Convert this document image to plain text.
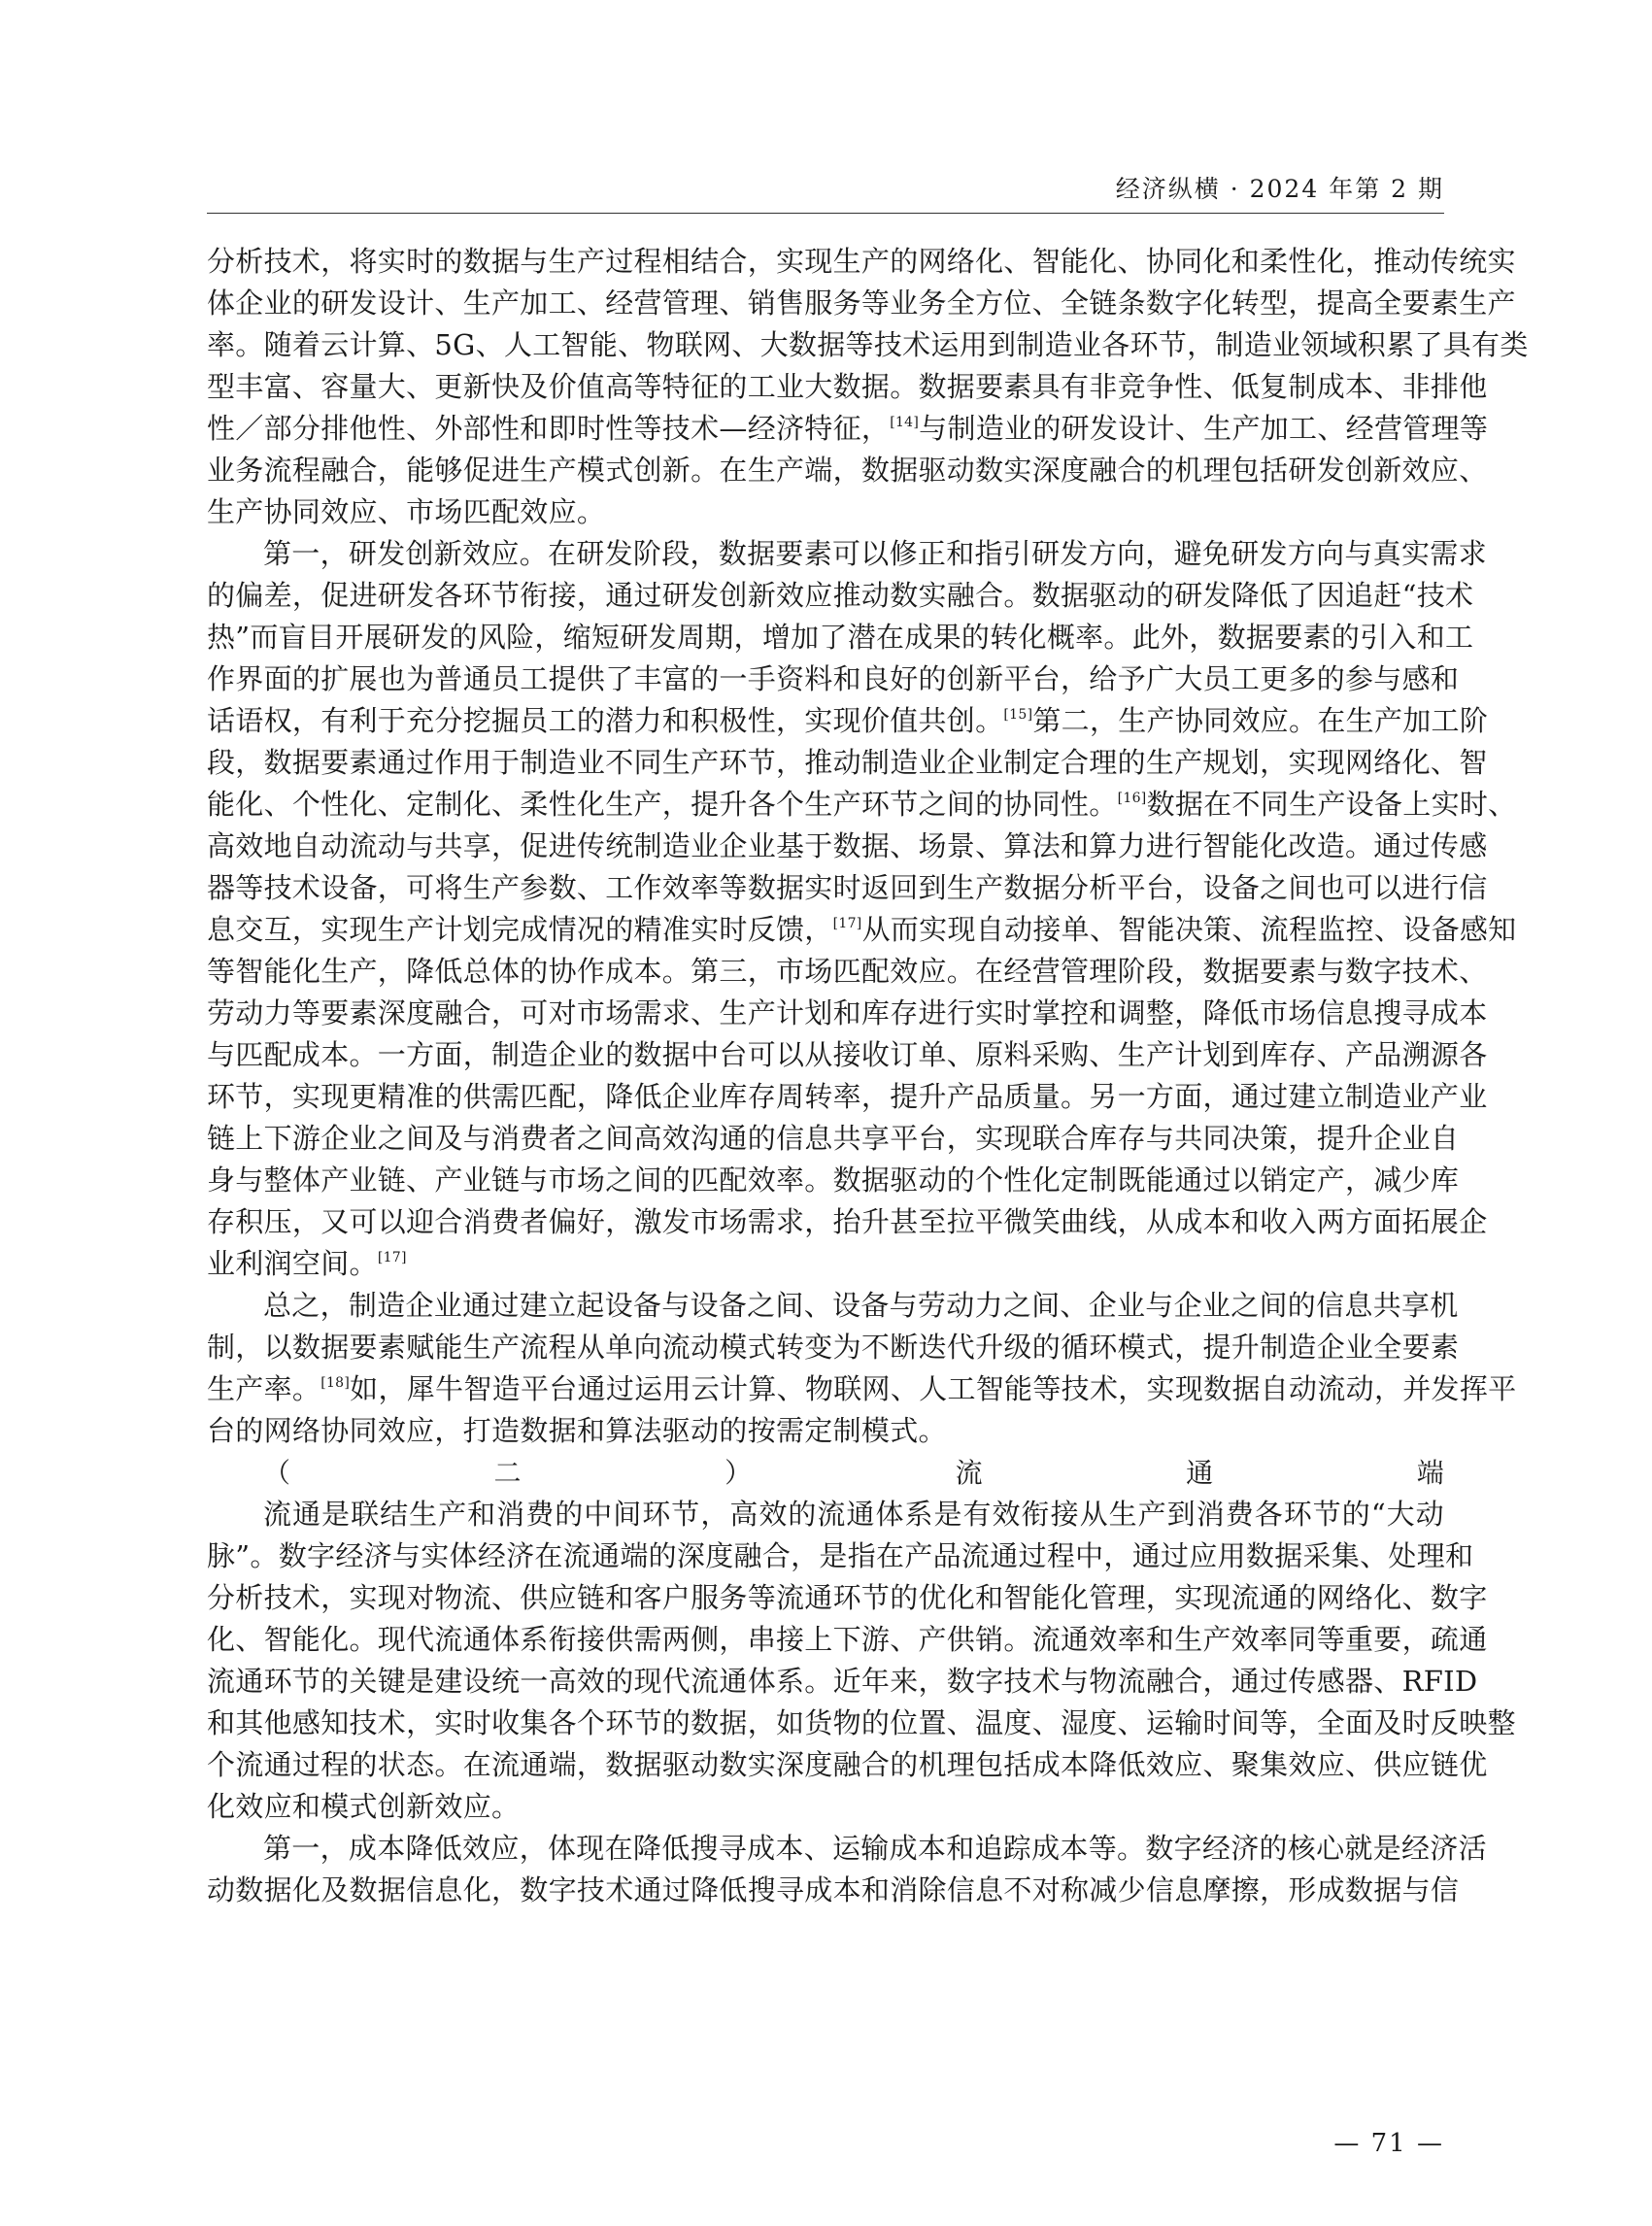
经济纵横 · 2024 年第 2 期
分析技术，将实时的数据与生产过程相结合，实现生产的网络化、智能化、协同化和柔性化，推动传统实
体企业的研发设计、生产加工、经营管理、销售服务等业务全方位、全链条数字化转型，提高全要素生产
率。随着云计算、5G、人工智能、物联网、大数据等技术运用到制造业各环节，制造业领域积累了具有类
型丰富、容量大、更新快及价值高等特征的工业大数据。数据要素具有非竞争性、低复制成本、非排他
性／部分排他性、外部性和即时性等技术—经济特征，[14]与制造业的研发设计、生产加工、经营管理等
业务流程融合，能够促进生产模式创新。在生产端，数据驱动数实深度融合的机理包括研发创新效应、
生产协同效应、市场匹配效应。
第一，研发创新效应。在研发阶段，数据要素可以修正和指引研发方向，避免研发方向与真实需求
的偏差，促进研发各环节衔接，通过研发创新效应推动数实融合。数据驱动的研发降低了因追赶“技术
热”而盲目开展研发的风险，缩短研发周期，增加了潜在成果的转化概率。此外，数据要素的引入和工
作界面的扩展也为普通员工提供了丰富的一手资料和良好的创新平台，给予广大员工更多的参与感和
话语权，有利于充分挖掘员工的潜力和积极性，实现价值共创。[15]第二，生产协同效应。在生产加工阶
段，数据要素通过作用于制造业不同生产环节，推动制造业企业制定合理的生产规划，实现网络化、智
能化、个性化、定制化、柔性化生产，提升各个生产环节之间的协同性。[16]数据在不同生产设备上实时、
高效地自动流动与共享，促进传统制造业企业基于数据、场景、算法和算力进行智能化改造。通过传感
器等技术设备，可将生产参数、工作效率等数据实时返回到生产数据分析平台，设备之间也可以进行信
息交互，实现生产计划完成情况的精准实时反馈，[17]从而实现自动接单、智能决策、流程监控、设备感知
等智能化生产，降低总体的协作成本。第三，市场匹配效应。在经营管理阶段，数据要素与数字技术、
劳动力等要素深度融合，可对市场需求、生产计划和库存进行实时掌控和调整，降低市场信息搜寻成本
与匹配成本。一方面，制造企业的数据中台可以从接收订单、原料采购、生产计划到库存、产品溯源各
环节，实现更精准的供需匹配，降低企业库存周转率，提升产品质量。另一方面，通过建立制造业产业
链上下游企业之间及与消费者之间高效沟通的信息共享平台，实现联合库存与共同决策，提升企业自
身与整体产业链、产业链与市场之间的匹配效率。数据驱动的个性化定制既能通过以销定产，减少库
存积压，又可以迎合消费者偏好，激发市场需求，抬升甚至拉平微笑曲线，从成本和收入两方面拓展企
业利润空间。[17]
总之，制造企业通过建立起设备与设备之间、设备与劳动力之间、企业与企业之间的信息共享机
制，以数据要素赋能生产流程从单向流动模式转变为不断迭代升级的循环模式，提升制造企业全要素
生产率。[18]如，犀牛智造平台通过运用云计算、物联网、人工智能等技术，实现数据自动流动，并发挥平
台的网络协同效应，打造数据和算法驱动的按需定制模式。
（二）流通端
流通是联结生产和消费的中间环节，高效的流通体系是有效衔接从生产到消费各环节的“大动
脉”。数字经济与实体经济在流通端的深度融合，是指在产品流通过程中，通过应用数据采集、处理和
分析技术，实现对物流、供应链和客户服务等流通环节的优化和智能化管理，实现流通的网络化、数字
化、智能化。现代流通体系衔接供需两侧，串接上下游、产供销。流通效率和生产效率同等重要，疏通
流通环节的关键是建设统一高效的现代流通体系。近年来，数字技术与物流融合，通过传感器、RFID
和其他感知技术，实时收集各个环节的数据，如货物的位置、温度、湿度、运输时间等，全面及时反映整
个流通过程的状态。在流通端，数据驱动数实深度融合的机理包括成本降低效应、聚集效应、供应链优
化效应和模式创新效应。
第一，成本降低效应，体现在降低搜寻成本、运输成本和追踪成本等。数字经济的核心就是经济活
动数据化及数据信息化，数字技术通过降低搜寻成本和消除信息不对称减少信息摩擦，形成数据与信
— 71 —
